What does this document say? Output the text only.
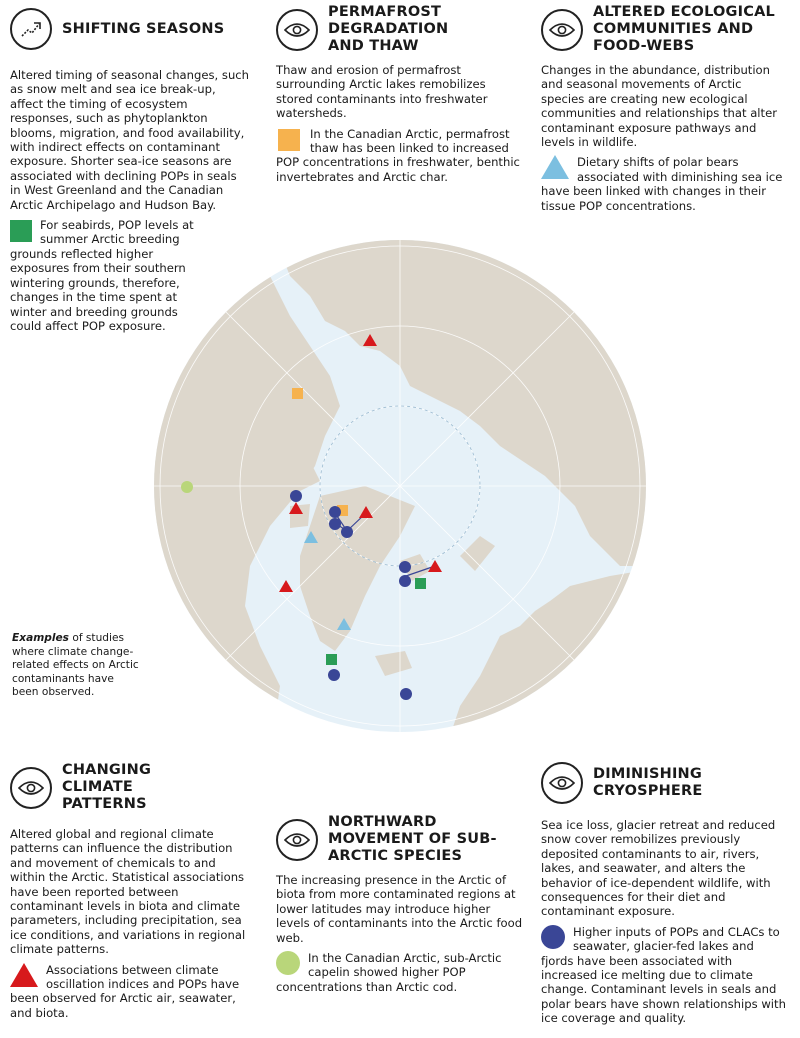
SHIFTING SEASONS
Altered timing of seasonal changes, such as snow melt and sea ice break-up, affect the timing of ecosystem responses, such as phytoplankton blooms, migration, and food availability, with indirect effects on contaminant exposure. Shorter sea-ice seasons are associated with declining POPs in seals in West Greenland and the Canadian Arctic Archipelago and Hudson Bay.
For seabirds, POP levels at summer Arctic breeding grounds reflected higher exposures from their southern wintering grounds, therefore, changes in the time spent at winter and breeding grounds could affect POP exposure.
PERMAFROST DEGRADATION AND THAW
Thaw and erosion of permafrost surrounding Arctic lakes remobilizes stored contaminants into freshwater watersheds.
In the Canadian Arctic, permafrost thaw has been linked to increased POP concentrations in freshwater, benthic invertebrates and Arctic char.
ALTERED ECOLOGICAL COMMUNITIES AND FOOD-WEBS
Changes in the abundance, distribution and seasonal movements of Arctic species are creating new ecological communities and relationships that alter contaminant exposure pathways and levels in wildlife.
Dietary shifts of polar bears associated with diminishing sea ice have been linked with changes in their tissue POP concentrations.
Examples of studies where climate change-related effects on Arctic contaminants have been observed.
CHANGING CLIMATE PATTERNS
Altered global and regional climate patterns can influence the distribution and movement of chemicals to and within the Arctic. Statistical associations have been reported between contaminant levels in biota and climate parameters, including precipitation, sea ice conditions, and variations in regional climate patterns.
Associations between climate oscillation indices and POPs have been observed for Arctic air, seawater, and biota.
NORTHWARD MOVEMENT OF SUB-ARCTIC SPECIES
The increasing presence in the Arctic of biota from more contaminated regions at lower latitudes may introduce higher levels of contaminants into the Arctic food web.
In the Canadian Arctic, sub-Arctic capelin showed higher POP concentrations than Arctic cod.
DIMINISHING CRYOSPHERE
Sea ice loss, glacier retreat and reduced snow cover remobilizes previously deposited contaminants to air, rivers, lakes, and seawater, and alters the behavior of ice-dependent wildlife, with consequences for their diet and contaminant exposure.
Higher inputs of POPs and CLACs to seawater, glacier-fed lakes and fjords have been associated with increased ice melting due to climate change. Contaminant levels in seals and polar bears have shown relationships with ice coverage and quality.
